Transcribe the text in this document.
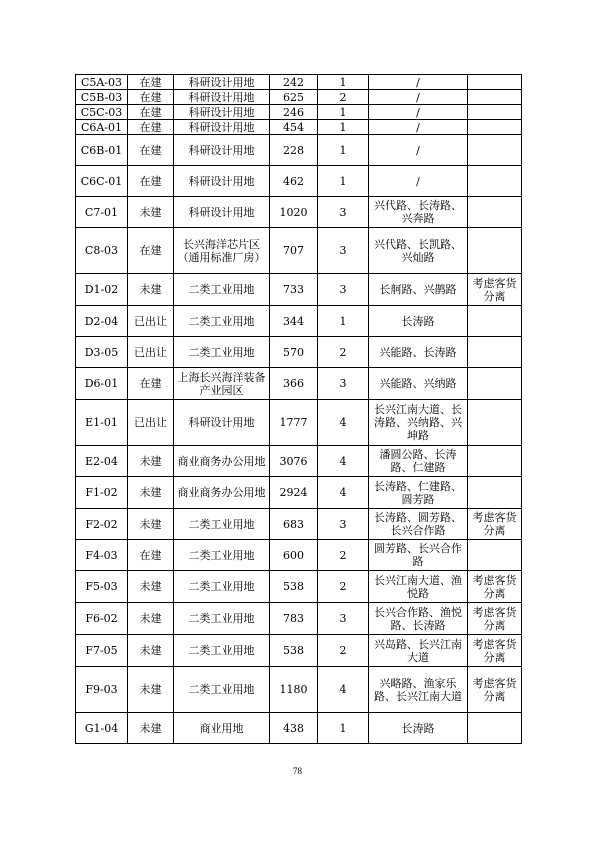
C5A-03	在建	科研设计用地	242	1	/	
C5B-03	在建	科研设计用地	625	2	/	
C5C-03	在建	科研设计用地	246	1	/	
C6A-01	在建	科研设计用地	454	1	/	
C6B-01	在建	科研设计用地	228	1	/	
C6C-01	在建	科研设计用地	462	1	/	
C7-01	未建	科研设计用地	1020	3	兴代路、长涛路、兴奔路	
C8-03	在建	长兴海洋芯片区（通用标准厂房）	707	3	兴代路、长凯路、兴灿路	
D1-02	未建	二类工业用地	733	3	长舸路、兴鹊路	考虑客货分离
D2-04	已出让	二类工业用地	344	1	长涛路	
D3-05	已出让	二类工业用地	570	2	兴能路、长涛路	
D6-01	在建	上海长兴海洋装备产业园区	366	3	兴能路、兴纳路	
E1-01	已出让	科研设计用地	1777	4	长兴江南大道、长涛路、兴纳路、兴坤路	
E2-04	未建	商业商务办公用地	3076	4	潘圆公路、长涛路、仁建路	
F1-02	未建	商业商务办公用地	2924	4	长涛路、仁建路、圆芳路	
F2-02	未建	二类工业用地	683	3	长涛路、圆芳路、长兴合作路	考虑客货分离
F4-03	在建	二类工业用地	600	2	圆芳路、长兴合作路	
F5-03	未建	二类工业用地	538	2	长兴江南大道、渔悦路	考虑客货分离
F6-02	未建	二类工业用地	783	3	长兴合作路、渔悦路、长涛路	考虑客货分离
F7-05	未建	二类工业用地	538	2	兴岛路、长兴江南大道	考虑客货分离
F9-03	未建	二类工业用地	1180	4	兴略路、渔家乐路、长兴江南大道	考虑客货分离
G1-04	未建	商业用地	438	1	长涛路	
78
